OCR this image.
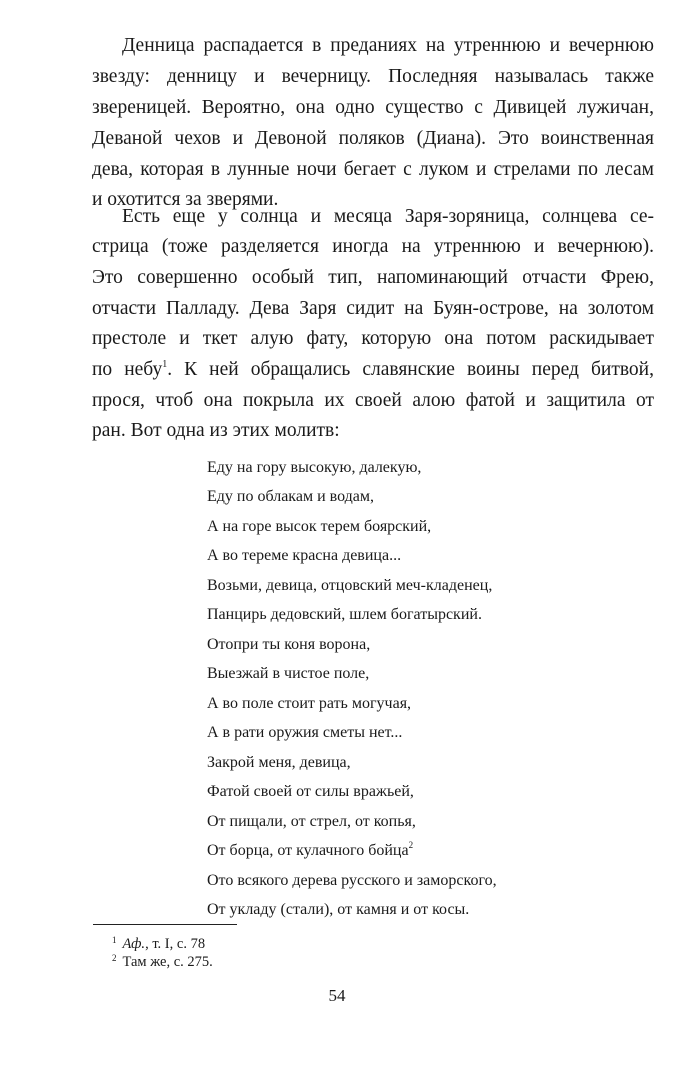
Денница распадается в преданиях на утреннюю и вечернюю
звезду: денницу и вечерницу. Последняя называлась также
звереницей. Вероятно, она одно существо с Дивицей лужичан,
Деваной чехов и Девоной поляков (Диана). Это воинственная
дева, которая в лунные ночи бегает с луком и стрелами по лесам
и охотится за зверями.
Есть еще у солнца и месяца Заря-зоряница, солнцева се-
стрица (тоже разделяется иногда на утреннюю и вечернюю).
Это совершенно особый тип, напоминающий отчасти Фрею,
отчасти Палладу. Дева Заря сидит на Буян-острове, на золотом
престоле и ткет алую фату, которую она потом раскидывает
по небу$^1$. К ней обращались славянские воины перед битвой,
прося, чтоб она покрыла их своей алою фатой и защитила от
ран. Вот одна из этих молитв:
Еду на гору высокую, далекую,
Еду по облакам и водам,
А на горе высок терем боярский,
А во тереме красна девица...
Возьми, девица, отцовский меч-кладенец,
Панцирь дедовский, шлем богатырский.
Отопри ты коня ворона,
Выезжай в чистое поле,
А во поле стоит рать могучая,
А в рати оружия сметы нет...
Закрой меня, девица,
Фатой своей от силы вражьей,
От пищали, от стрел, от копья,
От борца, от кулачного бойца$^2$
Ото всякого дерева русского и заморского,
От укладу (стали), от камня и от косы.
$^1$ Аф., т. I, с. 78
$^2$ Там же, с. 275.
54
